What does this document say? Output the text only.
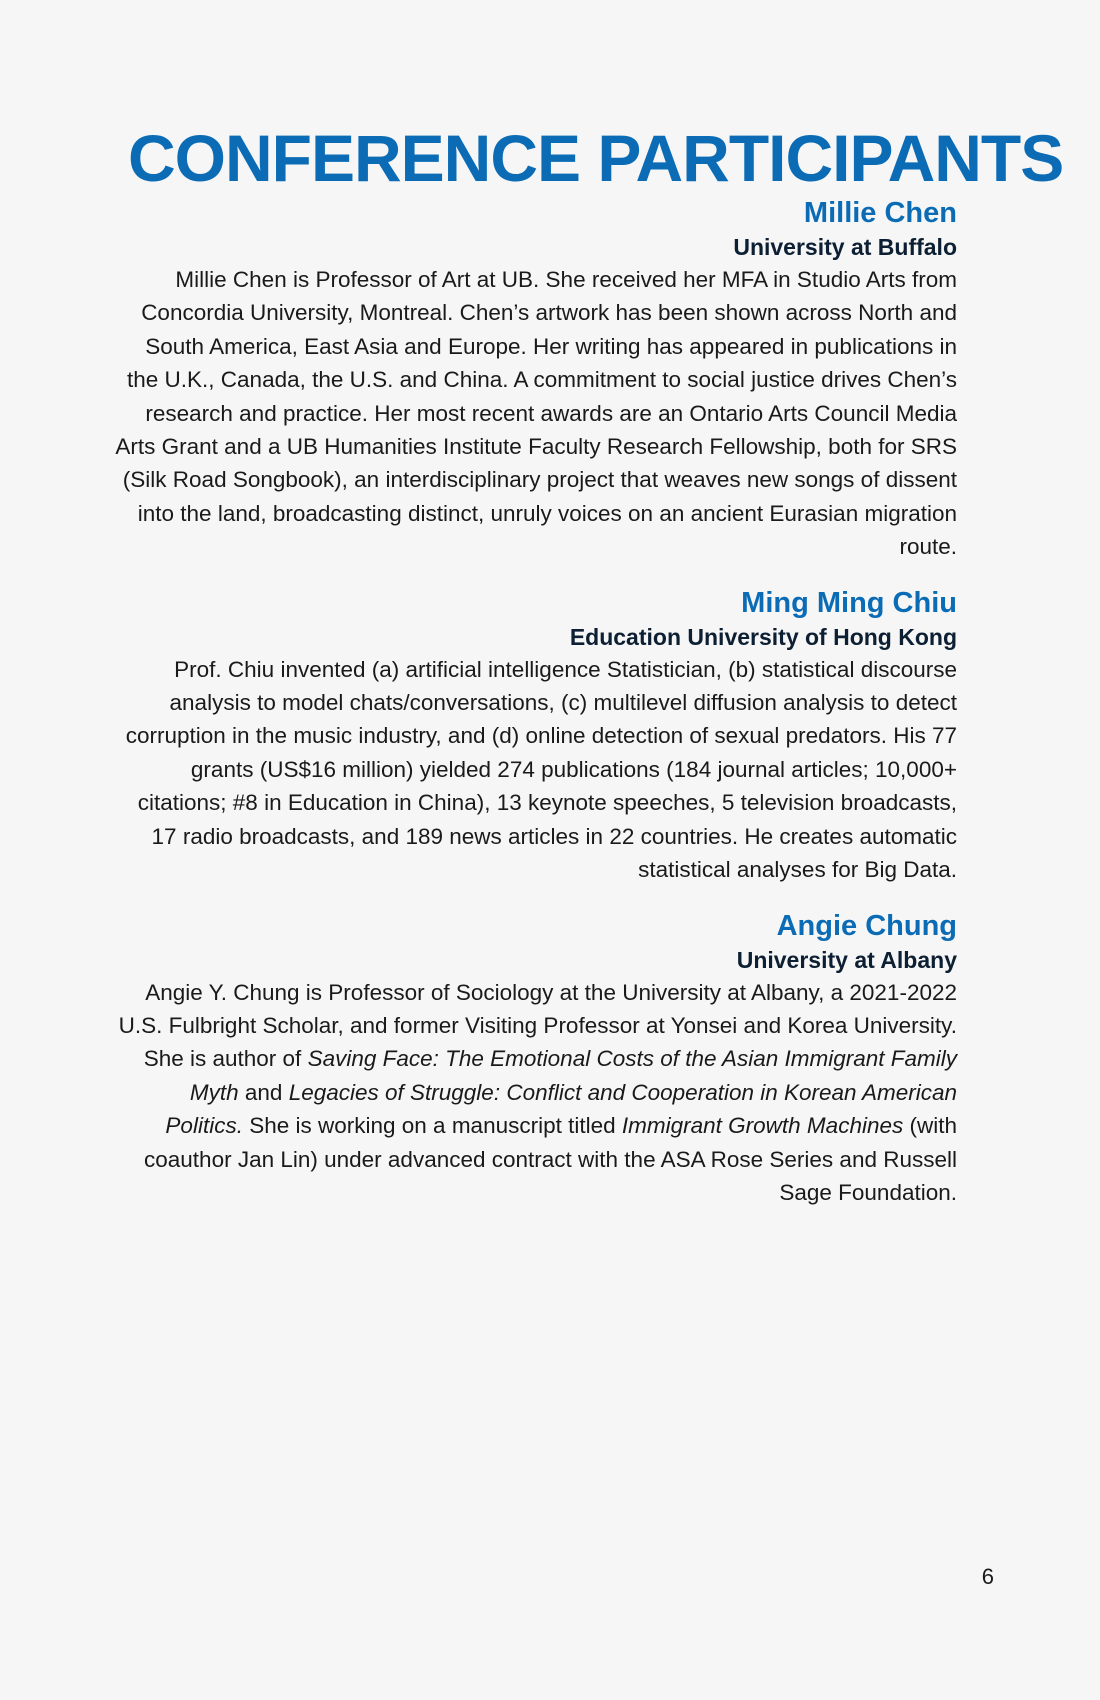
CONFERENCE PARTICIPANTS
Millie Chen
University at Buffalo

Millie Chen is Professor of Art at UB. She received her MFA in Studio Arts from Concordia University, Montreal. Chen’s artwork has been shown across North and South America, East Asia and Europe. Her writing has appeared in publications in the U.K., Canada, the U.S. and China. A commitment to social justice drives Chen’s research and practice. Her most recent awards are an Ontario Arts Council Media Arts Grant and a UB Humanities Institute Faculty Research Fellowship, both for SRS (Silk Road Songbook), an interdisciplinary project that weaves new songs of dissent into the land, broadcasting distinct, unruly voices on an ancient Eurasian migration route.

Ming Ming Chiu
Education University of Hong Kong

Prof. Chiu invented (a) artificial intelligence Statistician, (b) statistical discourse analysis to model chats/conversations, (c) multilevel diffusion analysis to detect corruption in the music industry, and (d) online detection of sexual predators. His 77 grants (US$16 million) yielded 274 publications (184 journal articles; 10,000+ citations; #8 in Education in China), 13 keynote speeches, 5 television broadcasts, 17 radio broadcasts, and 189 news articles in 22 countries. He creates automatic statistical analyses for Big Data.

Angie Chung
University at Albany

Angie Y. Chung is Professor of Sociology at the University at Albany, a 2021-2022 U.S. Fulbright Scholar, and former Visiting Professor at Yonsei and Korea University. She is author of Saving Face: The Emotional Costs of the Asian Immigrant Family Myth and Legacies of Struggle: Conflict and Cooperation in Korean American Politics. She is working on a manuscript titled Immigrant Growth Machines (with coauthor Jan Lin) under advanced contract with the ASA Rose Series and Russell Sage Foundation.

6
